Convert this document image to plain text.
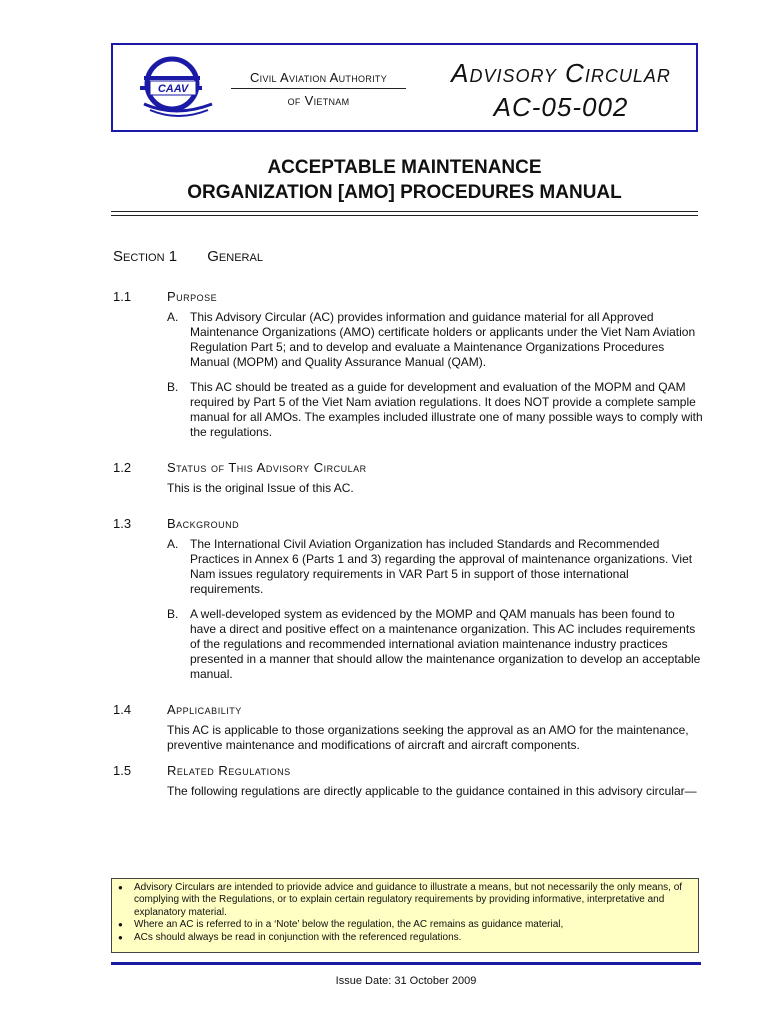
CAAV
Civil Aviation Authority
of Vietnam
Advisory Circular
AC-05-002
ACCEPTABLE MAINTENANCE
ORGANIZATION [AMO] PROCEDURES MANUAL
Section 1 General
1.1	Purpose
A. This Advisory Circular (AC) provides information and guidance material for all Approved Maintenance Organizations (AMO) certificate holders or applicants under the Viet Nam Aviation Regulation Part 5; and to develop and evaluate a Maintenance Organizations Procedures Manual (MOPM) and Quality Assurance Manual (QAM).
B. This AC should be treated as a guide for development and evaluation of the MOPM and QAM required by Part 5 of the Viet Nam aviation regulations. It does NOT provide a complete sample manual for all AMOs. The examples included illustrate one of many possible ways to comply with the regulations.
1.2	Status of This Advisory Circular
This is the original Issue of this AC.
1.3	Background
A. The International Civil Aviation Organization has included Standards and Recommended Practices in Annex 6 (Parts 1 and 3) regarding the approval of maintenance organizations. Viet Nam issues regulatory requirements in VAR Part 5 in support of those international requirements.
B. A well-developed system as evidenced by the MOMP and QAM manuals has been found to have a direct and positive effect on a maintenance organization. This AC includes requirements of the regulations and recommended international aviation maintenance industry practices presented in a manner that should allow the maintenance organization to develop an acceptable manual.
1.4	Applicability
This AC is applicable to those organizations seeking the approval as an AMO for the maintenance, preventive maintenance and modifications of aircraft and aircraft components.
1.5	Related Regulations
The following regulations are directly applicable to the guidance contained in this advisory circular—
●	Advisory Circulars are intended to priovide advice and guidance to illustrate a means, but not necessarily the only means, of complying with the Regulations, or to explain certain regulatory requirements by providing informative, interpretative and explanatory material.
●	Where an AC is referred to in a ‘Note’ below the regulation, the AC remains as guidance material,
●	ACs should always be read in conjunction with the referenced regulations.
Issue Date: 31 October 2009
